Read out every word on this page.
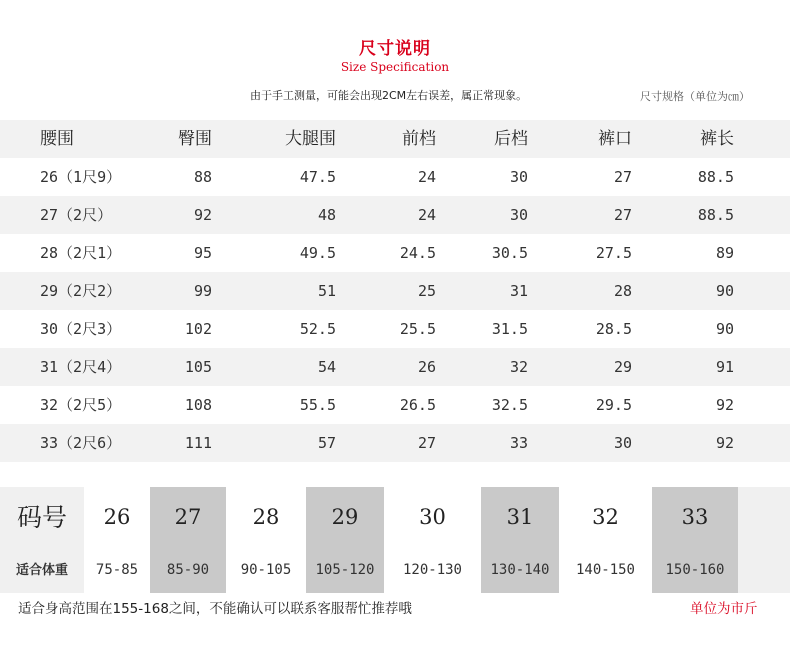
尺寸说明
Size Specification
由于手工测量，可能会出现2CM左右误差，属正常现象。	尺寸规格（单位为㎝）
腰围	臀围	大腿围	前档	后档	裤口	裤长
26（1尺9）	88	47.5	24	30	27	88.5
27（2尺）	92	48	24	30	27	88.5
28（2尺1）	95	49.5	24.5	30.5	27.5	89
29（2尺2）	99	51	25	31	28	90
30（2尺3）	102	52.5	25.5	31.5	28.5	90
31（2尺4）	105	54	26	32	29	91
32（2尺5）	108	55.5	26.5	32.5	29.5	92
33（2尺6）	111	57	27	33	30	92
码号	26	27	28	29	30	31	32	33
适合体重	75-85	85-90	90-105	105-120	120-130	130-140	140-150	150-160
适合身高范围在155-168之间，不能确认可以联系客服帮忙推荐哦	单位为市斤
